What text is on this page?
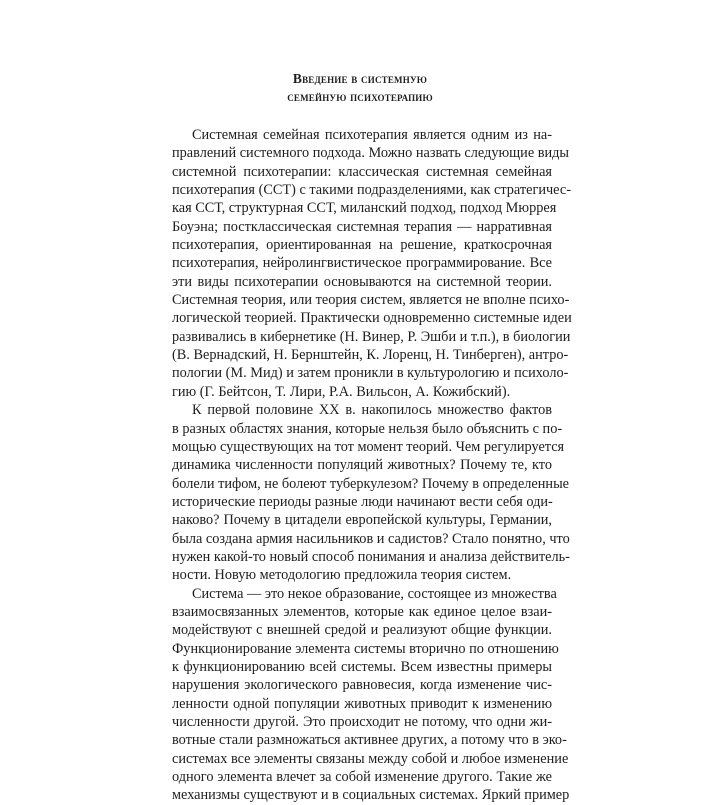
Введение в системную
семейную психотерапию
Системная семейная психотерапия является одним из на-
правлений системного подхода. Можно назвать следующие виды
системной психотерапии: классическая системная семейная
психотерапия (ССТ) с такими подразделениями, как стратегичес-
кая ССТ, структурная ССТ, миланский подход, подход Мюррея
Боуэна; постклассическая системная терапия — нарративная
психотерапия, ориентированная на решение, краткосрочная
психотерапия, нейролингвистическое программирование. Все
эти виды психотерапии основываются на системной теории.
Системная теория, или теория систем, является не вполне психо-
логической теорией. Практически одновременно системные идеи
развивались в кибернетике (Н. Винер, Р. Эшби и т.п.), в биологии
(В. Вернадский, Н. Бернштейн, К. Лоренц, Н. Тинберген), антро-
пологии (М. Мид) и затем проникли в культурологию и психоло-
гию (Г. Бейтсон, Т. Лири, Р.А. Вильсон, А. Кожибский).
К первой половине XX в. накопилось множество фактов
в разных областях знания, которые нельзя было объяснить с по-
мощью существующих на тот момент теорий. Чем регулируется
динамика численности популяций животных? Почему те, кто
болели тифом, не болеют туберкулезом? Почему в определенные
исторические периоды разные люди начинают вести себя оди-
наково? Почему в цитадели европейской культуры, Германии,
была создана армия насильников и садистов? Стало понятно, что
нужен какой-то новый способ понимания и анализа действитель-
ности. Новую методологию предложила теория систем.
Система — это некое образование, состоящее из множества
взаимосвязанных элементов, которые как единое целое взаи-
модействуют с внешней средой и реализуют общие функции.
Функционирование элемента системы вторично по отношению
к функционированию всей системы. Всем известны примеры
нарушения экологического равновесия, когда изменение чис-
ленности одной популяции животных приводит к изменению
численности другой. Это происходит не потому, что одни жи-
вотные стали размножаться активнее других, а потому что в эко-
системах все элементы связаны между собой и любое изменение
одного элемента влечет за собой изменение другого. Такие же
механизмы существуют и в социальных системах. Яркий пример
